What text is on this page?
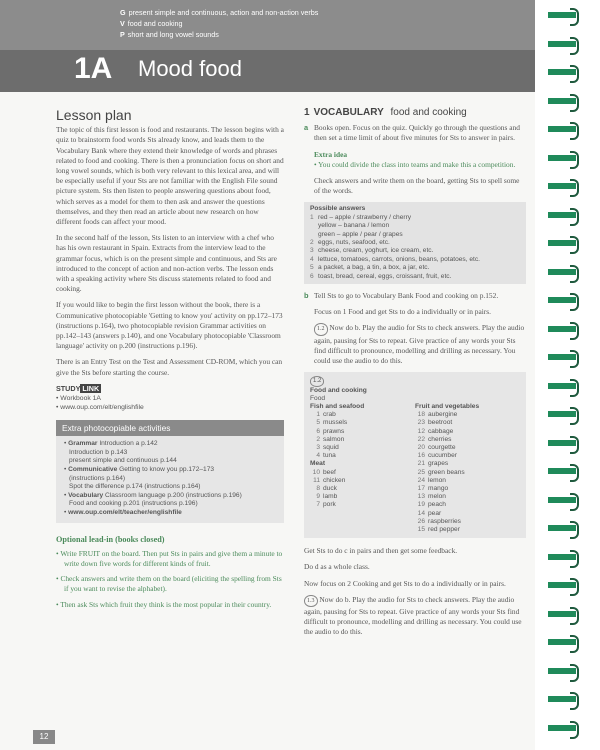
G present simple and continuous, action and non-action verbs
V food and cooking
P short and long vowel sounds
1A Mood food
Lesson plan

The topic of this first lesson is food and restaurants. The lesson begins with a quiz to brainstorm food words Sts already know, and leads them to the Vocabulary Bank where they extend their knowledge of words and phrases related to food and cooking. There is then a pronunciation focus on short and long vowel sounds, which is both very relevant to this lexical area, and will be especially useful if your Sts are not familiar with the English File sound picture system. Sts then listen to people answering questions about food, which serves as a model for them to then ask and answer the questions themselves, and they then read an article about new research on how different foods can affect your mood.

In the second half of the lesson, Sts listen to an interview with a chef who has his own restaurant in Spain. Extracts from the interview lead to the grammar focus, which is on the present simple and continuous, and Sts are introduced to the concept of action and non-action verbs. The lesson ends with a speaking activity where Sts discuss statements related to food and cooking.

If you would like to begin the first lesson without the book, there is a Communicative photocopiable 'Getting to know you' activity on pp.172–173 (instructions p.164), two photocopiable revision Grammar activities on pp.142–143 (answers p.140), and one Vocabulary photocopiable 'Classroom language' activity on p.200 (instructions p.196).

There is an Entry Test on the Test and Assessment CD-ROM, which you can give the Sts before starting the course.

STUDY LINK
• Workbook 1A
• www.oup.com/elt/englishfile
Extra photocopiable activities
• Grammar Introduction a p.142
Introduction b p.143
present simple and continuous p.144
• Communicative Getting to know you pp.172–173
(instructions p.164)
Spot the difference p.174 (instructions p.164)
• Vocabulary Classroom language p.200 (instructions p.196)
Food and cooking p.201 (instructions p.196)
• www.oup.com/elt/teacher/englishfile
Optional lead-in (books closed)
• Write FRUIT on the board. Then put Sts in pairs and give them a minute to write down five words for different kinds of fruit.
• Check answers and write them on the board (eliciting the spelling from Sts if you want to revise the alphabet).
• Then ask Sts which fruit they think is the most popular in their country.
1 VOCABULARY food and cooking
a Books open. Focus on the quiz. Quickly go through the questions and then set a time limit of about five minutes for Sts to answer in pairs.

Extra idea
• You could divide the class into teams and make this a competition.

Check answers and write them on the board, getting Sts to spell some of the words.

Possible answers
1 red – apple / strawberry / cherry
yellow – banana / lemon
green – apple / pear / grapes
2 eggs, nuts, seafood, etc.
3 cheese, cream, yoghurt, ice cream, etc.
4 lettuce, tomatoes, carrots, onions, beans, potatoes, etc.
5 a packet, a bag, a tin, a box, a jar, etc.
6 toast, bread, cereal, eggs, croissant, fruit, etc.
b Tell Sts to go to Vocabulary Bank Food and cooking on p.152.

Focus on 1 Food and get Sts to do a individually or in pairs.

1.2 Now do b. Play the audio for Sts to check answers. Play the audio again, pausing for Sts to repeat. Give practice of any words your Sts find difficult to pronounce, modelling and drilling as necessary. You could use the audio to do this.

1.2
Food and cooking
Food
Fish and seafood
1 crab
5 mussels
6 prawns
2 salmon
3 squid
4 tuna
Meat
10 beef
11 chicken
8 duck
9 lamb
7 pork
Fruit and vegetables
18 aubergine
23 beetroot
12 cabbage
22 cherries
20 courgette
16 cucumber
21 grapes
25 green beans
24 lemon
17 mango
13 melon
19 peach
14 pear
26 raspberries
15 red pepper

Get Sts to do c in pairs and then get some feedback.

Do d as a whole class.

Now focus on 2 Cooking and get Sts to do a individually or in pairs.

1.3 Now do b. Play the audio for Sts to check answers. Play the audio again, pausing for Sts to repeat. Give practice of any words your Sts find difficult to pronounce, modelling and drilling as necessary. You could use the audio to do this.

12
